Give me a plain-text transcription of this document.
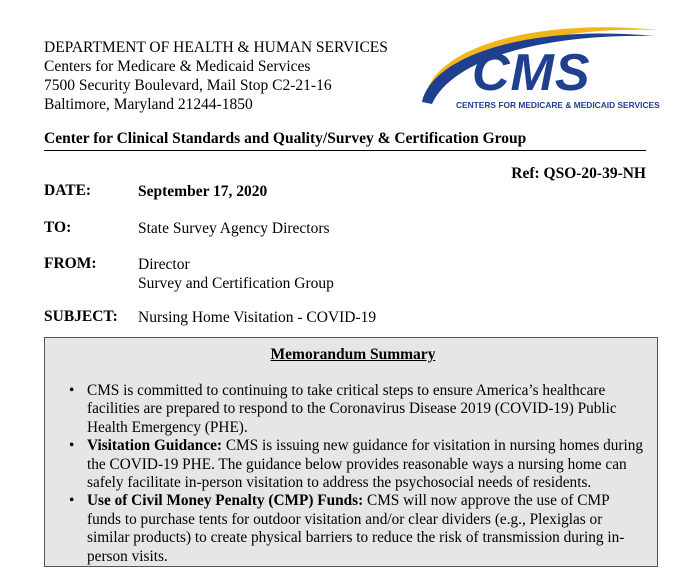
DEPARTMENT OF HEALTH & HUMAN SERVICES
Centers for Medicare & Medicaid Services
7500 Security Boulevard, Mail Stop C2-21-16
Baltimore, Maryland 21244-1850
CMS
CENTERS FOR MEDICARE & MEDICAID SERVICES
Center for Clinical Standards and Quality/Survey & Certification Group
Ref: QSO-20-39-NH
DATE:	September 17, 2020
TO:	State Survey Agency Directors
FROM:	Director
Survey and Certification Group
SUBJECT: Nursing Home Visitation - COVID-19
Memorandum Summary
• CMS is committed to continuing to take critical steps to ensure America’s healthcare facilities are prepared to respond to the Coronavirus Disease 2019 (COVID-19) Public Health Emergency (PHE).
• Visitation Guidance: CMS is issuing new guidance for visitation in nursing homes during the COVID-19 PHE. The guidance below provides reasonable ways a nursing home can safely facilitate in-person visitation to address the psychosocial needs of residents.
• Use of Civil Money Penalty (CMP) Funds: CMS will now approve the use of CMP funds to purchase tents for outdoor visitation and/or clear dividers (e.g., Plexiglas or similar products) to create physical barriers to reduce the risk of transmission during in-person visits.
